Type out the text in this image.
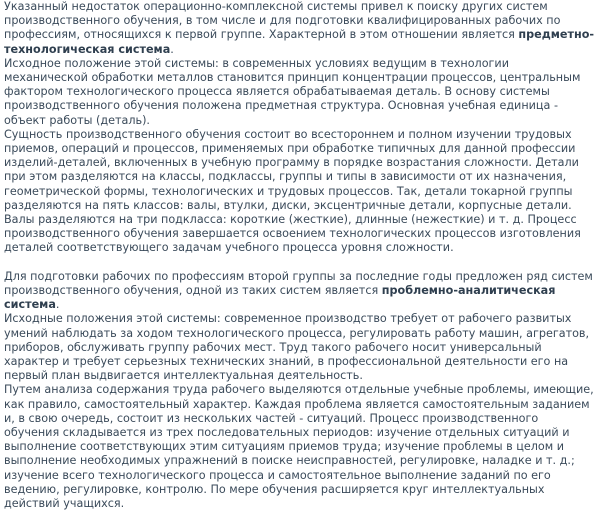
Указанный недостаток операционно-комплексной системы привел к поиску других систем производственного обучения, в том числе и для подготовки квалифицированных рабочих по профессиям, относящихся к первой группе. Характерной в этом отношении является предметно-технологическая система.

Исходное положение этой системы: в современных условиях ведущим в технологии механической обработки металлов становится принцип концентрации процессов, центральным фактором технологического процесса является обрабатываемая деталь. В основу системы производственного обучения положена предметная структура. Основная учебная единица - объект работы (деталь).

Сущность производственного обучения состоит во всестороннем и полном изучении трудовых приемов, операций и процессов, применяемых при обработке типичных для данной профессии изделий-деталей, включенных в учебную программу в порядке возрастания сложности. Детали при этом разделяются на классы, подклассы, группы и типы в зависимости от их назначения, геометрической формы, технологических и трудовых процессов. Так, детали токарной группы разделяются на пять классов: валы, втулки, диски, эксцентричные детали, корпусные детали. Валы разделяются на три подкласса: короткие (жесткие), длинные (нежесткие) и т. д. Процесс производственного обучения завершается освоением технологических процессов изготовления деталей соответствующего задачам учебного процесса уровня сложности.

Для подготовки рабочих по профессиям второй группы за последние годы предложен ряд систем производственного обучения, одной из таких систем является проблемно-аналитическая система.

Исходные положения этой системы: современное производство требует от рабочего развитых умений наблюдать за ходом технологического процесса, регулировать работу машин, агрегатов, приборов, обслуживать группу рабочих мест. Труд такого рабочего носит универсальный характер и требует серьезных технических знаний, в профессиональной деятельности его на первый план выдвигается интеллектуальная деятельность.

Путем анализа содержания труда рабочего выделяются отдельные учебные проблемы, имеющие, как правило, самостоятельный характер. Каждая проблема является самостоятельным заданием и, в свою очередь, состоит из нескольких частей - ситуаций. Процесс производственного обучения складывается из трех последовательных периодов: изучение отдельных ситуаций и выполнение соответствующих этим ситуациям приемов труда; изучение проблемы в целом и выполнение необходимых упражнений в поиске неисправностей, регулировке, наладке и т. д.; изучение всего технологического процесса и самостоятельное выполнение заданий по его ведению, регулировке, контролю. По мере обучения расширяется круг интеллектуальных действий учащихся.
